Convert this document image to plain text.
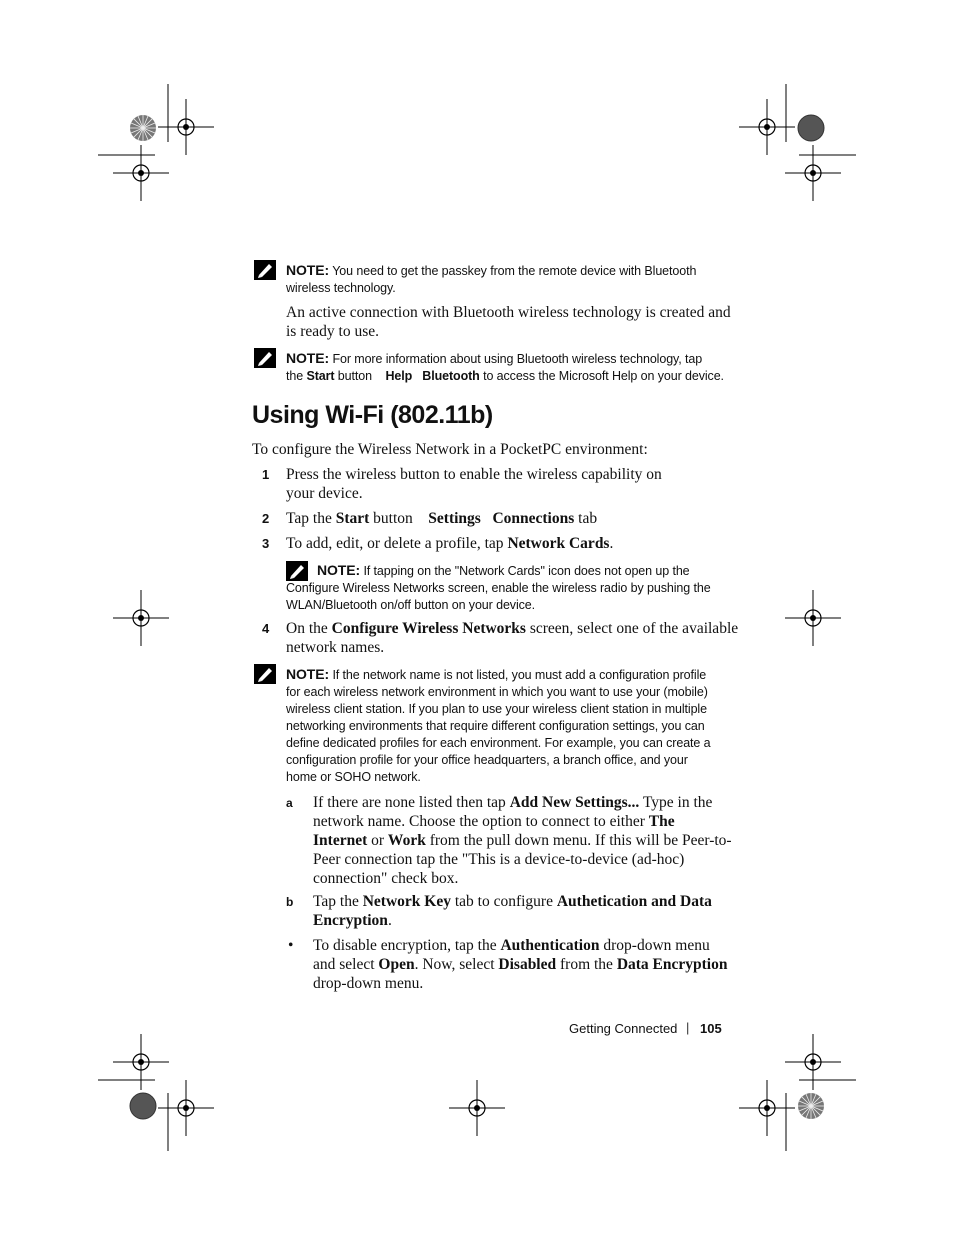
NOTE: You need to get the passkey from the remote device with Bluetooth
wireless technology.
An active connection with Bluetooth wireless technology is created and
is ready to use.
NOTE: For more information about using Bluetooth wireless technology, tap
the Start button    Help Bluetooth to access the Microsoft Help on your device.
Using Wi-Fi (802.11b)
To configure the Wireless Network in a PocketPC environment:
1 Press the wireless button to enable the wireless capability on
your device.
2 Tap the Start button    Settings Connections tab
3 To add, edit, or delete a profile, tap Network Cards.
NOTE: If tapping on the "Network Cards" icon does not open up the
Configure Wireless Networks screen, enable the wireless radio by pushing the
WLAN/Bluetooth on/off button on your device.
4 On the Configure Wireless Networks screen, select one of the available
network names.
NOTE: If the network name is not listed, you must add a configuration profile
for each wireless network environment in which you want to use your (mobile)
wireless client station. If you plan to use your wireless client station in multiple
networking environments that require different configuration settings, you can
define dedicated profiles for each environment. For example, you can create a
configuration profile for your office headquarters, a branch office, and your
home or SOHO network.
a If there are none listed then tap Add New Settings... Type in the
network name. Choose the option to connect to either The
Internet or Work from the pull down menu. If this will be Peer-to-
Peer connection tap the "This is a device-to-device (ad-hoc)
connection" check box.
b Tap the Network Key tab to configure Authetication and Data
Encryption.
• To disable encryption, tap the Authentication drop-down menu
and select Open. Now, select Disabled from the Data Encryption
drop-down menu.
Getting Connected | 105
